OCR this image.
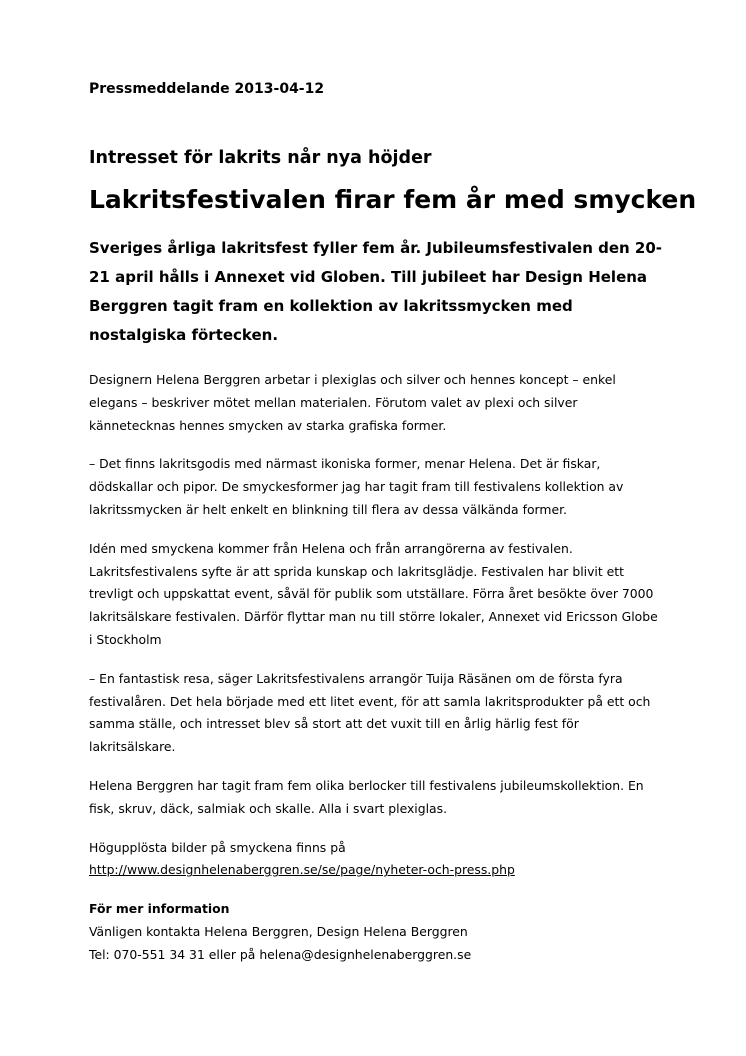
Pressmeddelande 2013-04-12
Intresset för lakrits når nya höjder
Lakritsfestivalen firar fem år med smycken
Sveriges årliga lakritsfest fyller fem år. Jubileumsfestivalen den 20-21 april hålls i Annexet vid Globen. Till jubileet har Design Helena Berggren tagit fram en kollektion av lakritssmycken med nostalgiska förtecken.

Designern Helena Berggren arbetar i plexiglas och silver och hennes koncept – enkel elegans – beskriver mötet mellan materialen. Förutom valet av plexi och silver kännetecknas hennes smycken av starka grafiska former.

– Det finns lakritsgodis med närmast ikoniska former, menar Helena. Det är fiskar, dödskallar och pipor. De smyckesformer jag har tagit fram till festivalens kollektion av lakritssmycken är helt enkelt en blinkning till flera av dessa välkända former.

Idén med smyckena kommer från Helena och från arrangörerna av festivalen. Lakritsfestivalens syfte är att sprida kunskap och lakritsglädje. Festivalen har blivit ett trevligt och uppskattat event, såväl för publik som utställare. Förra året besökte över 7000 lakritsälskare festivalen. Därför flyttar man nu till större lokaler, Annexet vid Ericsson Globe i Stockholm

– En fantastisk resa, säger Lakritsfestivalens arrangör Tuija Räsänen om de första fyra festivalåren. Det hela började med ett litet event, för att samla lakritsprodukter på ett och samma ställe, och intresset blev så stort att det vuxit till en årlig härlig fest för lakritsälskare.

Helena Berggren har tagit fram fem olika berlocker till festivalens jubileumskollektion. En fisk, skruv, däck, salmiak och skalle. Alla i svart plexiglas.

Högupplösta bilder på smyckena finns på
http://www.designhelenaberggren.se/se/page/nyheter-och-press.php

För mer information
Vänligen kontakta Helena Berggren, Design Helena Berggren
Tel: 070-551 34 31 eller på helena@designhelenaberggren.se
